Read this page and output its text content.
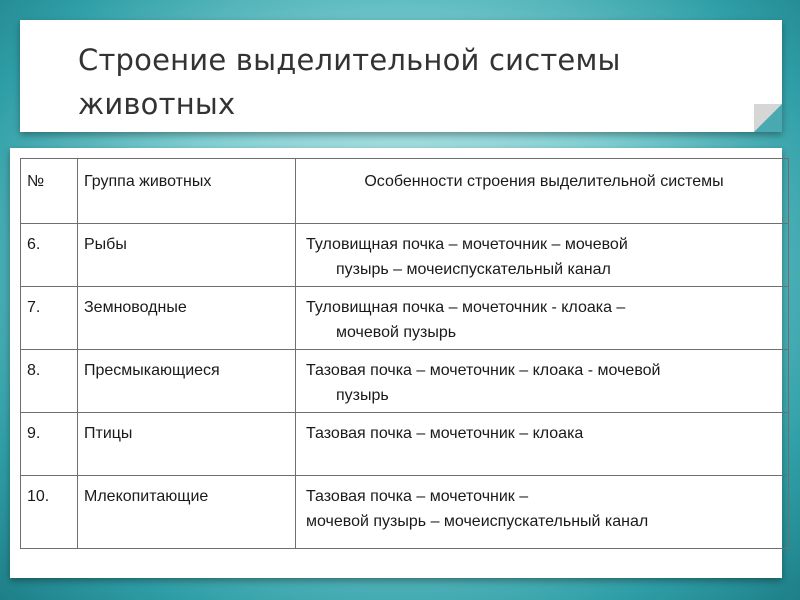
Строение выделительной системы животных
№	Группа животных	Особенности строения выделительной системы
6.	Рыбы	Туловищная почка – мочеточник – мочевой
пузырь – мочеиспускательный канал

7.	Земноводные	Туловищная почка – мочеточник - клоака –
мочевой пузырь

8.	Пресмыкающиеся	Тазовая почка – мочеточник – клоака - мочевой
пузырь

9.	Птицы	Тазовая почка – мочеточник – клоака
10.	Млекопитающие	Тазовая почка – мочеточник –
мочевой пузырь – мочеиспускательный канал
